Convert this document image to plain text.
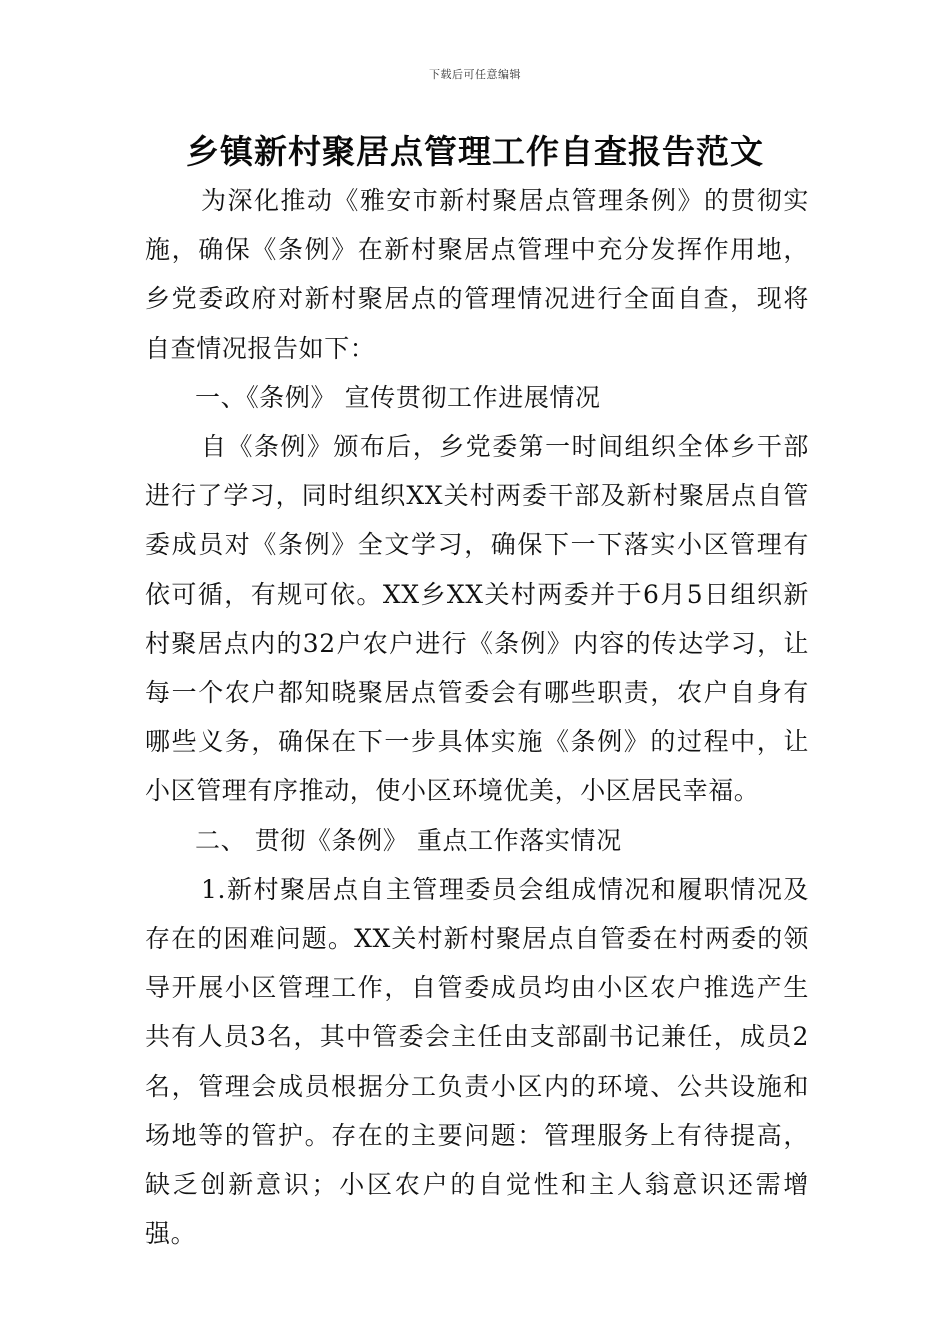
下载后可任意编辑
乡镇新村聚居点管理工作自查报告范文

为深化推动《雅安市新村聚居点管理条例》的贯彻实施，确保《条例》在新村聚居点管理中充分发挥作用地，乡党委政府对新村聚居点的管理情况进行全面自查，现将自查情况报告如下：

一、《条例》 宣传贯彻工作进展情况

自《条例》颁布后，乡党委第一时间组织全体乡干部进行了学习，同时组织XX关村两委干部及新村聚居点自管委成员对《条例》全文学习，确保下一下落实小区管理有依可循，有规可依。XX乡XX关村两委并于6月5日组织新村聚居点内的32户农户进行《条例》内容的传达学习，让每一个农户都知晓聚居点管委会有哪些职责，农户自身有哪些义务，确保在下一步具体实施《条例》的过程中，让小区管理有序推动，使小区环境优美，小区居民幸福。

二、 贯彻《条例》 重点工作落实情况

1.新村聚居点自主管理委员会组成情况和履职情况及存在的困难问题。XX关村新村聚居点自管委在村两委的领导开展小区管理工作，自管委成员均由小区农户推选产生共有人员3名，其中管委会主任由支部副书记兼任，成员2名，管理会成员根据分工负责小区内的环境、公共设施和场地等的管护。存在的主要问题：管理服务上有待提高，缺乏创新意识；小区农户的自觉性和主人翁意识还需增强。
